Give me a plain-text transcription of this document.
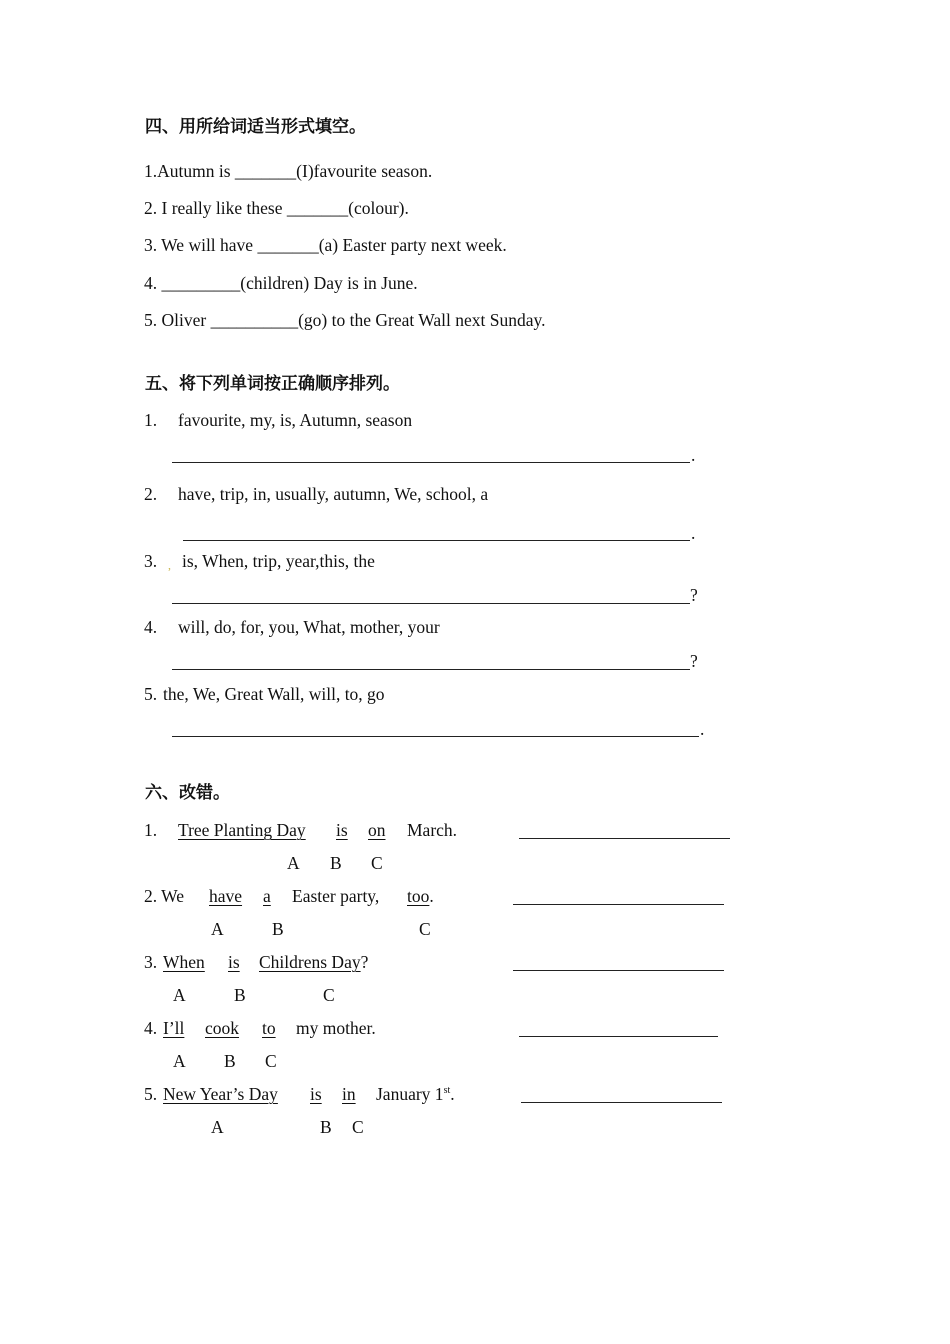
四、用所给词适当形式填空。
1.Autumn is _______(I)favourite season.
2. I really like these _______(colour).
3. We will have _______(a) Easter party next week.
4. _________(children) Day is in June.
5. Oliver __________(go) to the Great Wall next Sunday.
五、将下列单词按正确顺序排列。
1. favourite, my, is, Autumn, season
.
2. have, trip, in, usually, autumn, We, school, a
.
3. , is, When, trip, year,this, the
?
4. will, do, for, you, What, mother, your
?
5. the, We, Great Wall, will, to, go
.
六、改错。
1. Tree Planting Day is on March.
A B C
2. We have a Easter party, too.
A	B	C
3. When is Childrens Day?
A	B	C
4. I’ll cook to my mother.
A B C
5. New Year’s Day is in January 1st.
A	B C
